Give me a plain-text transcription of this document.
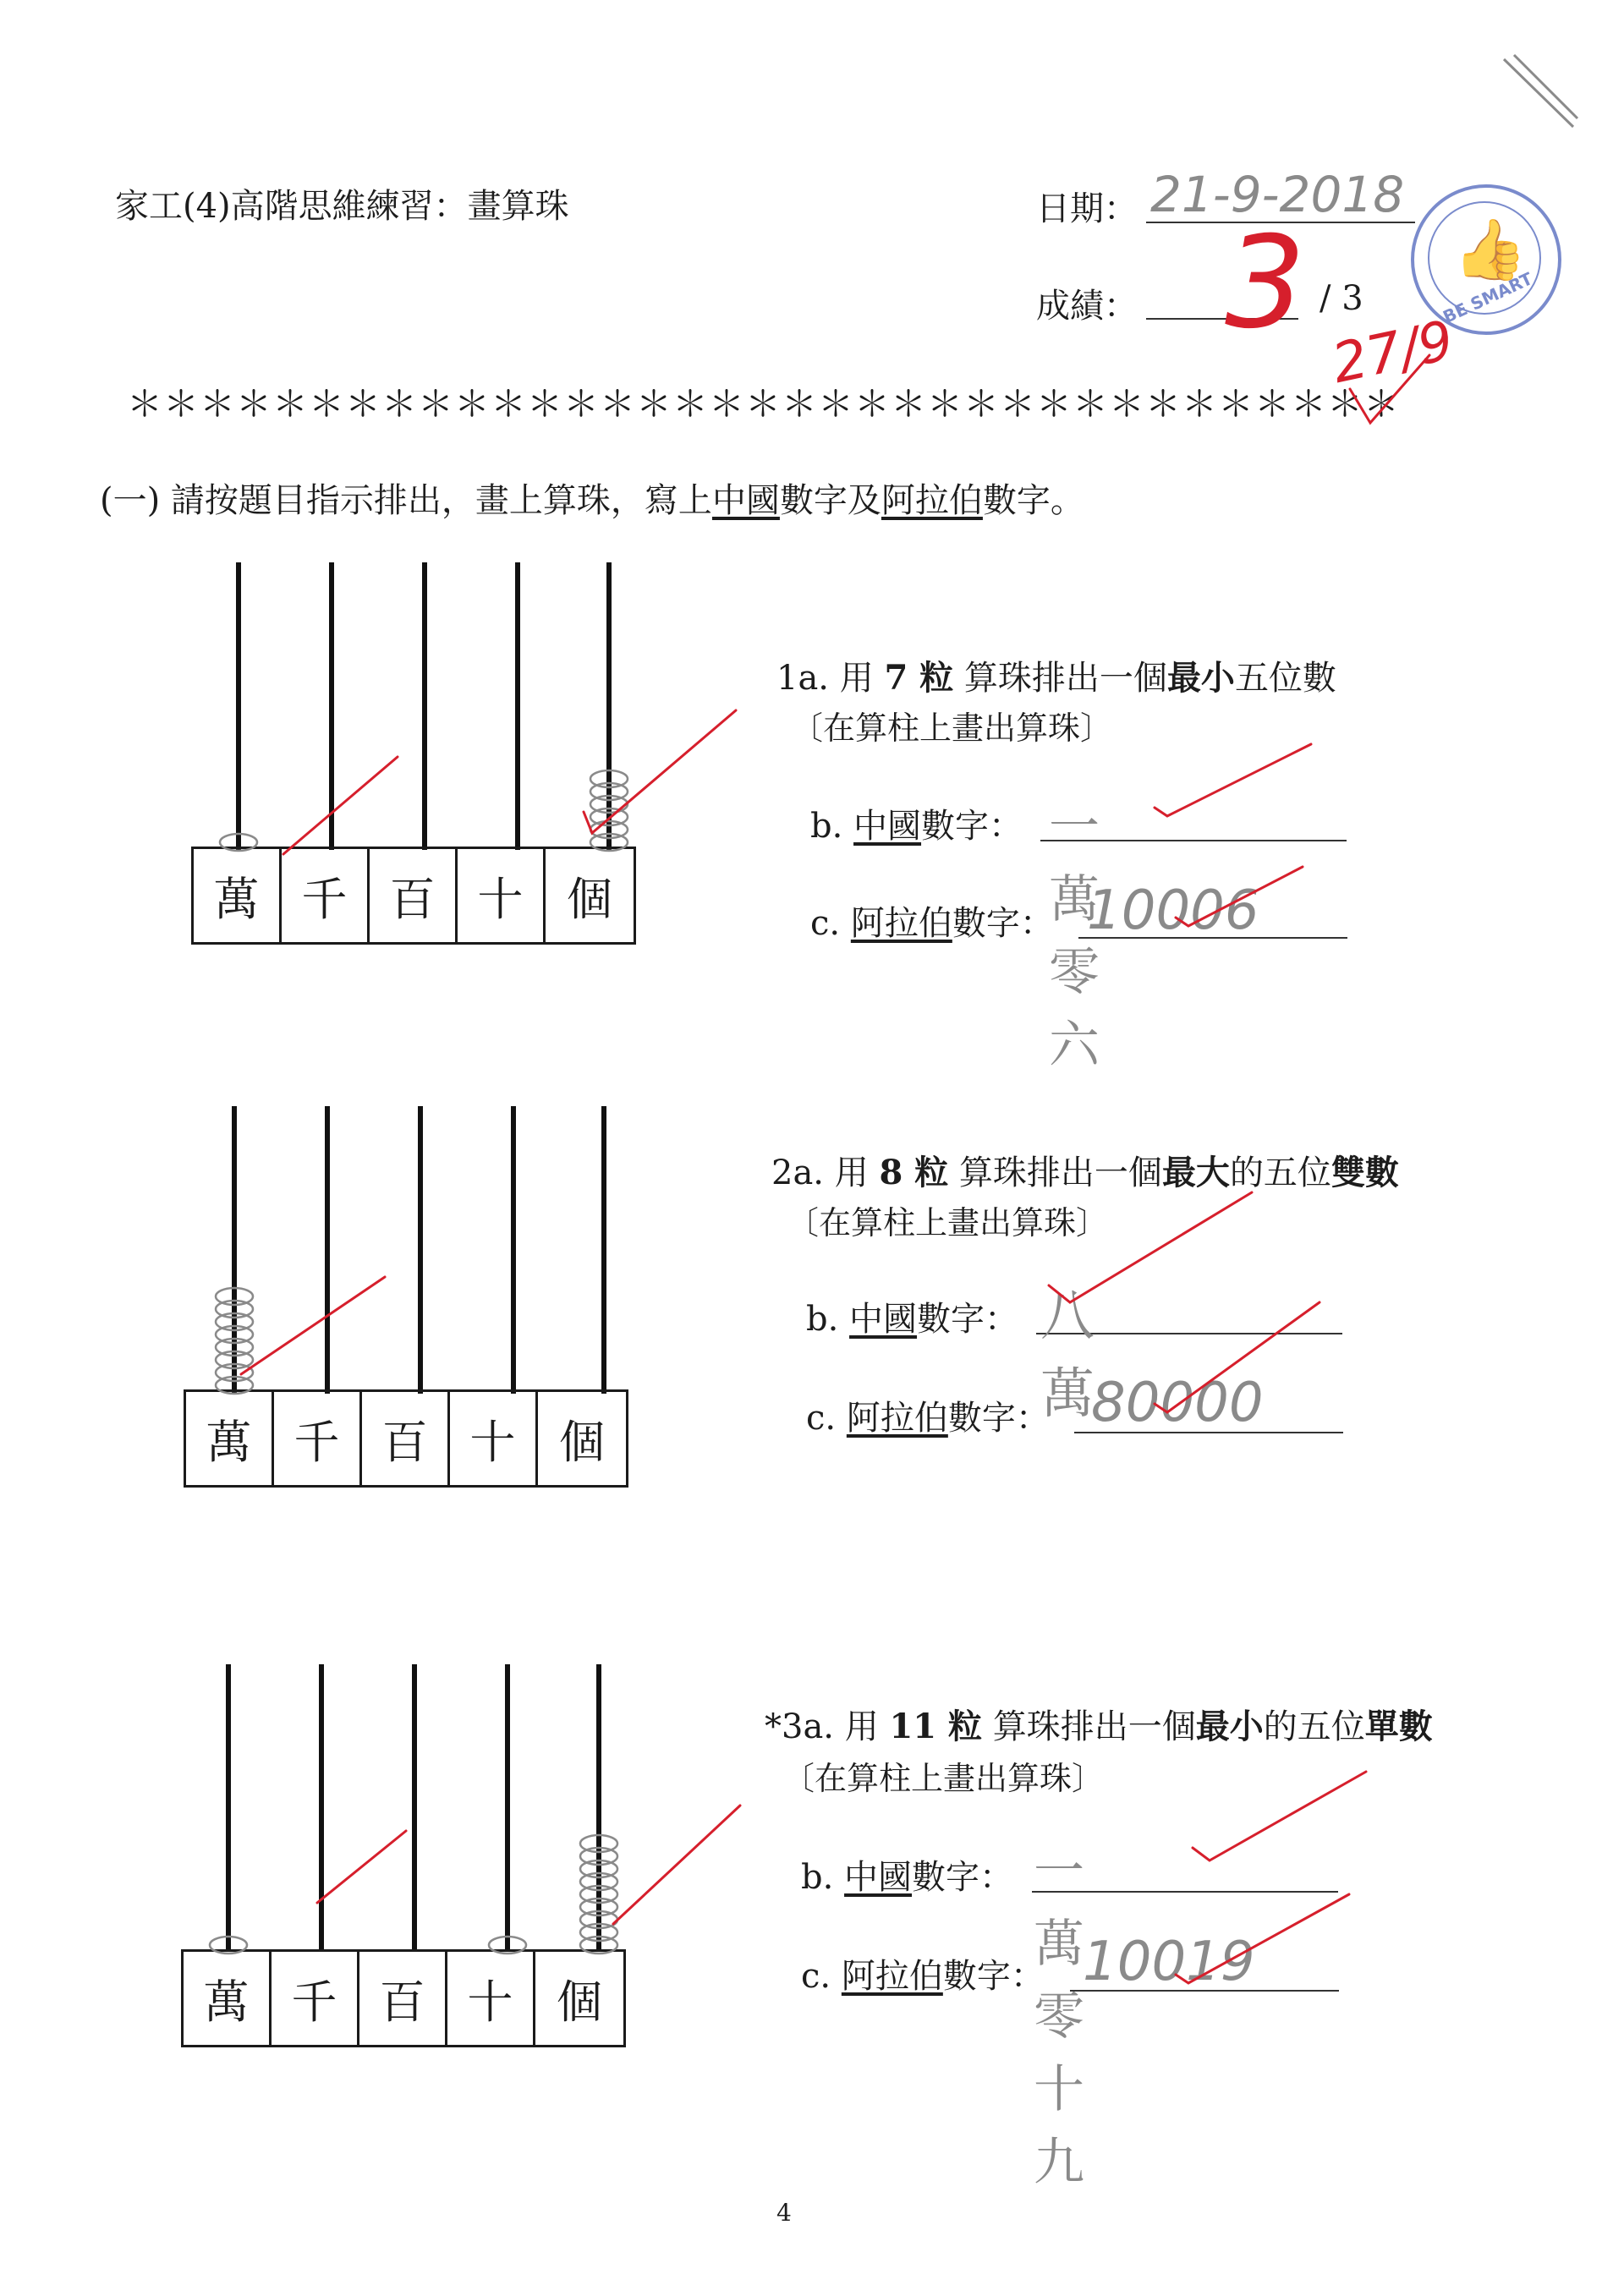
家工(4)高階思維練習：畫算珠	日期： 21-9-2018
成績： 3 / 3
27/9
👍
BE SMART
＊＊＊＊＊＊＊＊＊＊＊＊＊＊＊＊＊＊＊＊＊＊＊＊＊＊＊＊＊＊＊＊＊＊＊
(一) 請按題目指示排出，畫上算珠，寫上中國數字及阿拉伯數字。
萬 千 百 十 個
1a. 用 7 粒 算珠排出一個最小五位數
〔在算柱上畫出算珠〕
b. 中國數字： 一萬零六
c. 阿拉伯數字： 10006
萬 千 百 十 個
2a. 用 8 粒 算珠排出一個最大的五位雙數
〔在算柱上畫出算珠〕
b. 中國數字： 八萬
c. 阿拉伯數字： 80000
萬 千 百 十 個
*3a. 用 11 粒 算珠排出一個最小的五位單數
〔在算柱上畫出算珠〕
b. 中國數字： 一萬零十九
c. 阿拉伯數字： 10019
4
